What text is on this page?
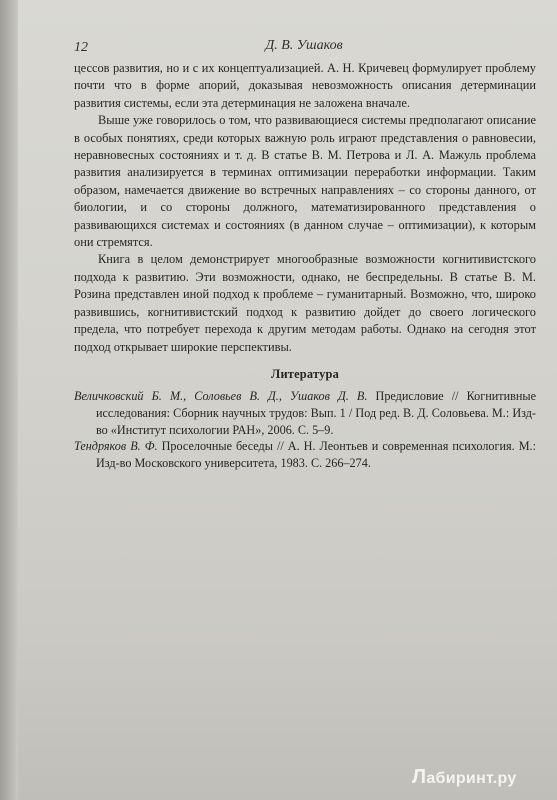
12	Д. В. Ушаков

цессов развития, но и с их концептуализацией. А. Н. Кричевец формулирует проблему почти что в форме апорий, доказывая невозможность описания детерминации развития системы, если эта детерминация не заложена вначале.

Выше уже говорилось о том, что развивающиеся системы предполагают описание в особых понятиях, среди которых важную роль играют представления о равновесии, неравновесных состояниях и т. д. В статье В. М. Петрова и Л. А. Мажуль проблема развития анализируется в терминах оптимизации переработки информации. Таким образом, намечается движение во встречных направлениях – со стороны данного, от биологии, и со стороны должного, математизированного представления о развивающихся системах и состояниях (в данном случае – оптимизации), к которым они стремятся.

Книга в целом демонстрирует многообразные возможности когнитивистского подхода к развитию. Эти возможности, однако, не беспредельны. В статье В. М. Розина представлен иной подход к проблеме – гуманитарный. Возможно, что, широко развившись, когнитивистский подход к развитию дойдет до своего логического предела, что потребует перехода к другим методам работы. Однако на сегодня этот подход открывает широкие перспективы.

Литература

Величковский Б. М., Соловьев В. Д., Ушаков Д. В. Предисловие // Когнитивные исследования: Сборник научных трудов: Вып. 1 / Под ред. В. Д. Соловьева. М.: Изд-во «Институт психологии РАН», 2006. С. 5–9.

Тендряков В. Ф. Проселочные беседы // А. Н. Леонтьев и современная психология. М.: Изд-во Московского университета, 1983. С. 266–274.

Лабиринт.ру
